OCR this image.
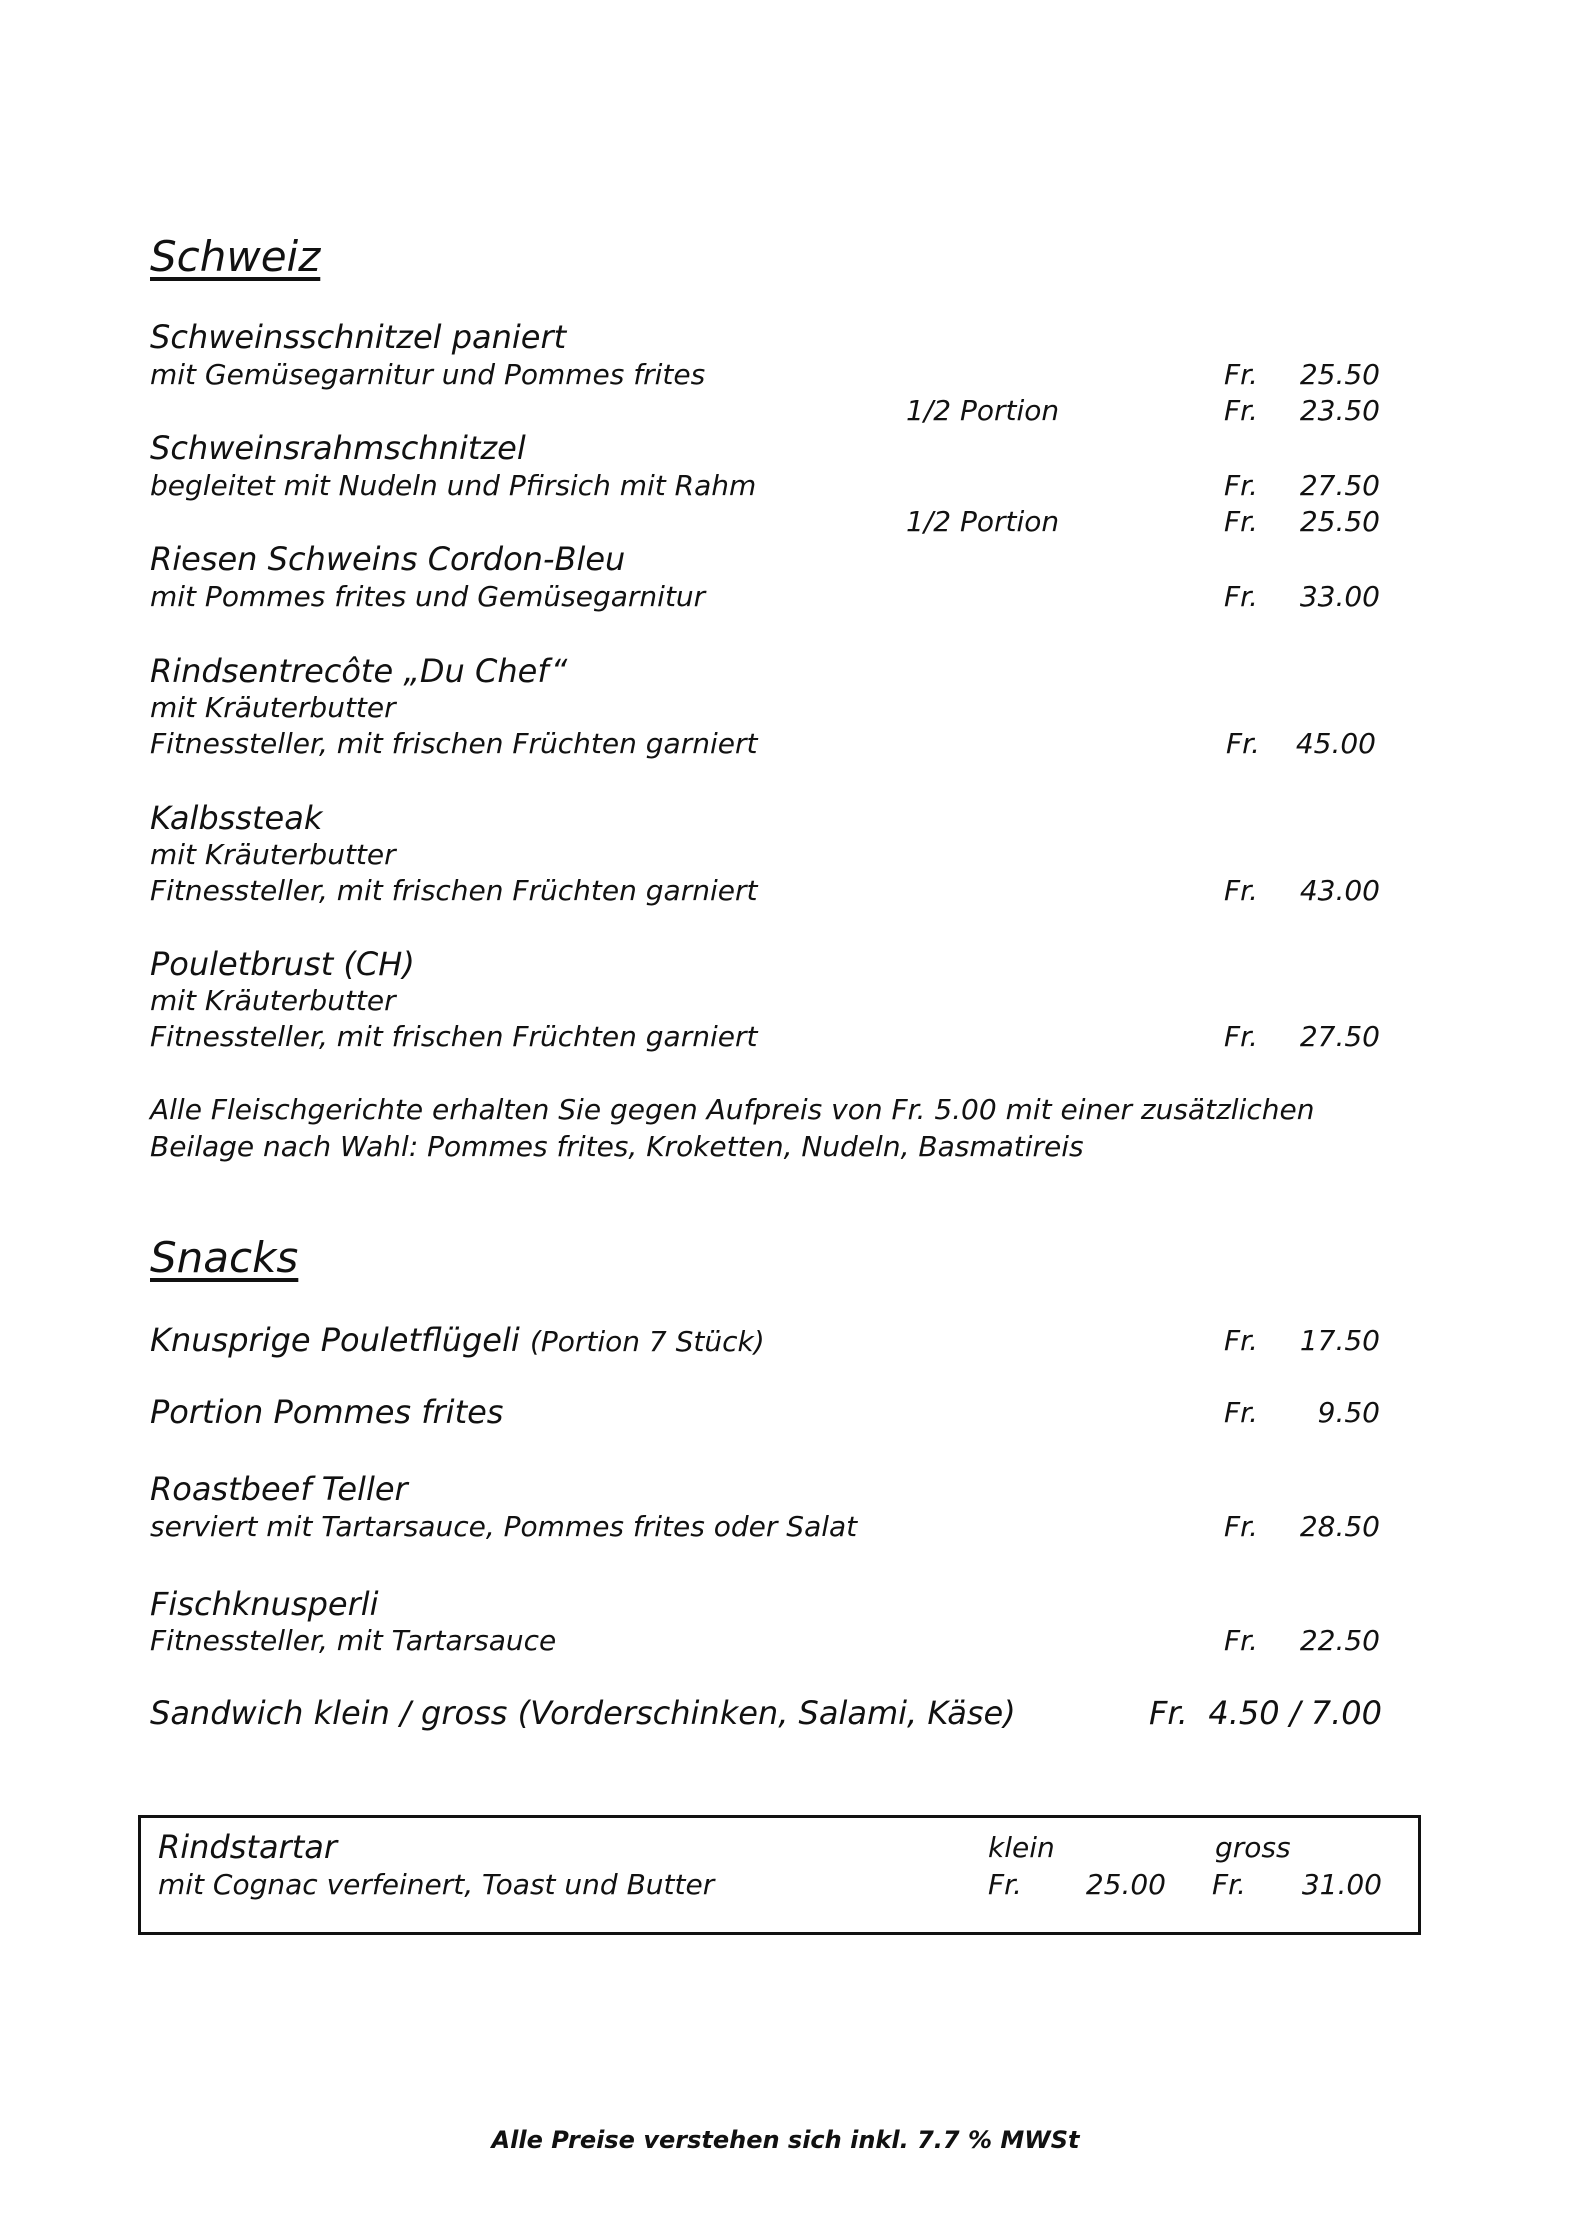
Schweiz
Schweinsschnitzel paniert
mit Gemüsegarnitur und Pommes frites	Fr.	25.50
1/2 Portion	Fr.	23.50
Schweinsrahmschnitzel
begleitet mit Nudeln und Pfirsich mit Rahm	Fr.	27.50
1/2 Portion	Fr.	25.50
Riesen Schweins Cordon-Bleu
mit Pommes frites und Gemüsegarnitur	Fr.	33.00
Rindsentrecôte „Du Chef“
mit Kräuterbutter
Fitnessteller, mit frischen Früchten garniert	Fr.	45.00
Kalbssteak
mit Kräuterbutter
Fitnessteller, mit frischen Früchten garniert	Fr.	43.00
Pouletbrust (CH)
mit Kräuterbutter
Fitnessteller, mit frischen Früchten garniert	Fr.	27.50
Alle Fleischgerichte erhalten Sie gegen Aufpreis von Fr. 5.00 mit einer zusätzlichen
Beilage nach Wahl: Pommes frites, Kroketten, Nudeln, Basmatireis
Snacks
Knusprige Pouletflügeli (Portion 7 Stück)	Fr.	17.50
Portion Pommes frites	Fr.	9.50
Roastbeef Teller
serviert mit Tartarsauce, Pommes frites oder Salat	Fr.	28.50
Fischknusperli
Fitnessteller, mit Tartarsauce	Fr.	22.50
Sandwich klein / gross (Vorderschinken, Salami, Käse)	Fr. 4.50 / 7.00
Rindstartar	klein	gross
mit Cognac verfeinert, Toast und Butter	Fr.	25.00 Fr.	31.00
Alle Preise verstehen sich inkl. 7.7 % MWSt
